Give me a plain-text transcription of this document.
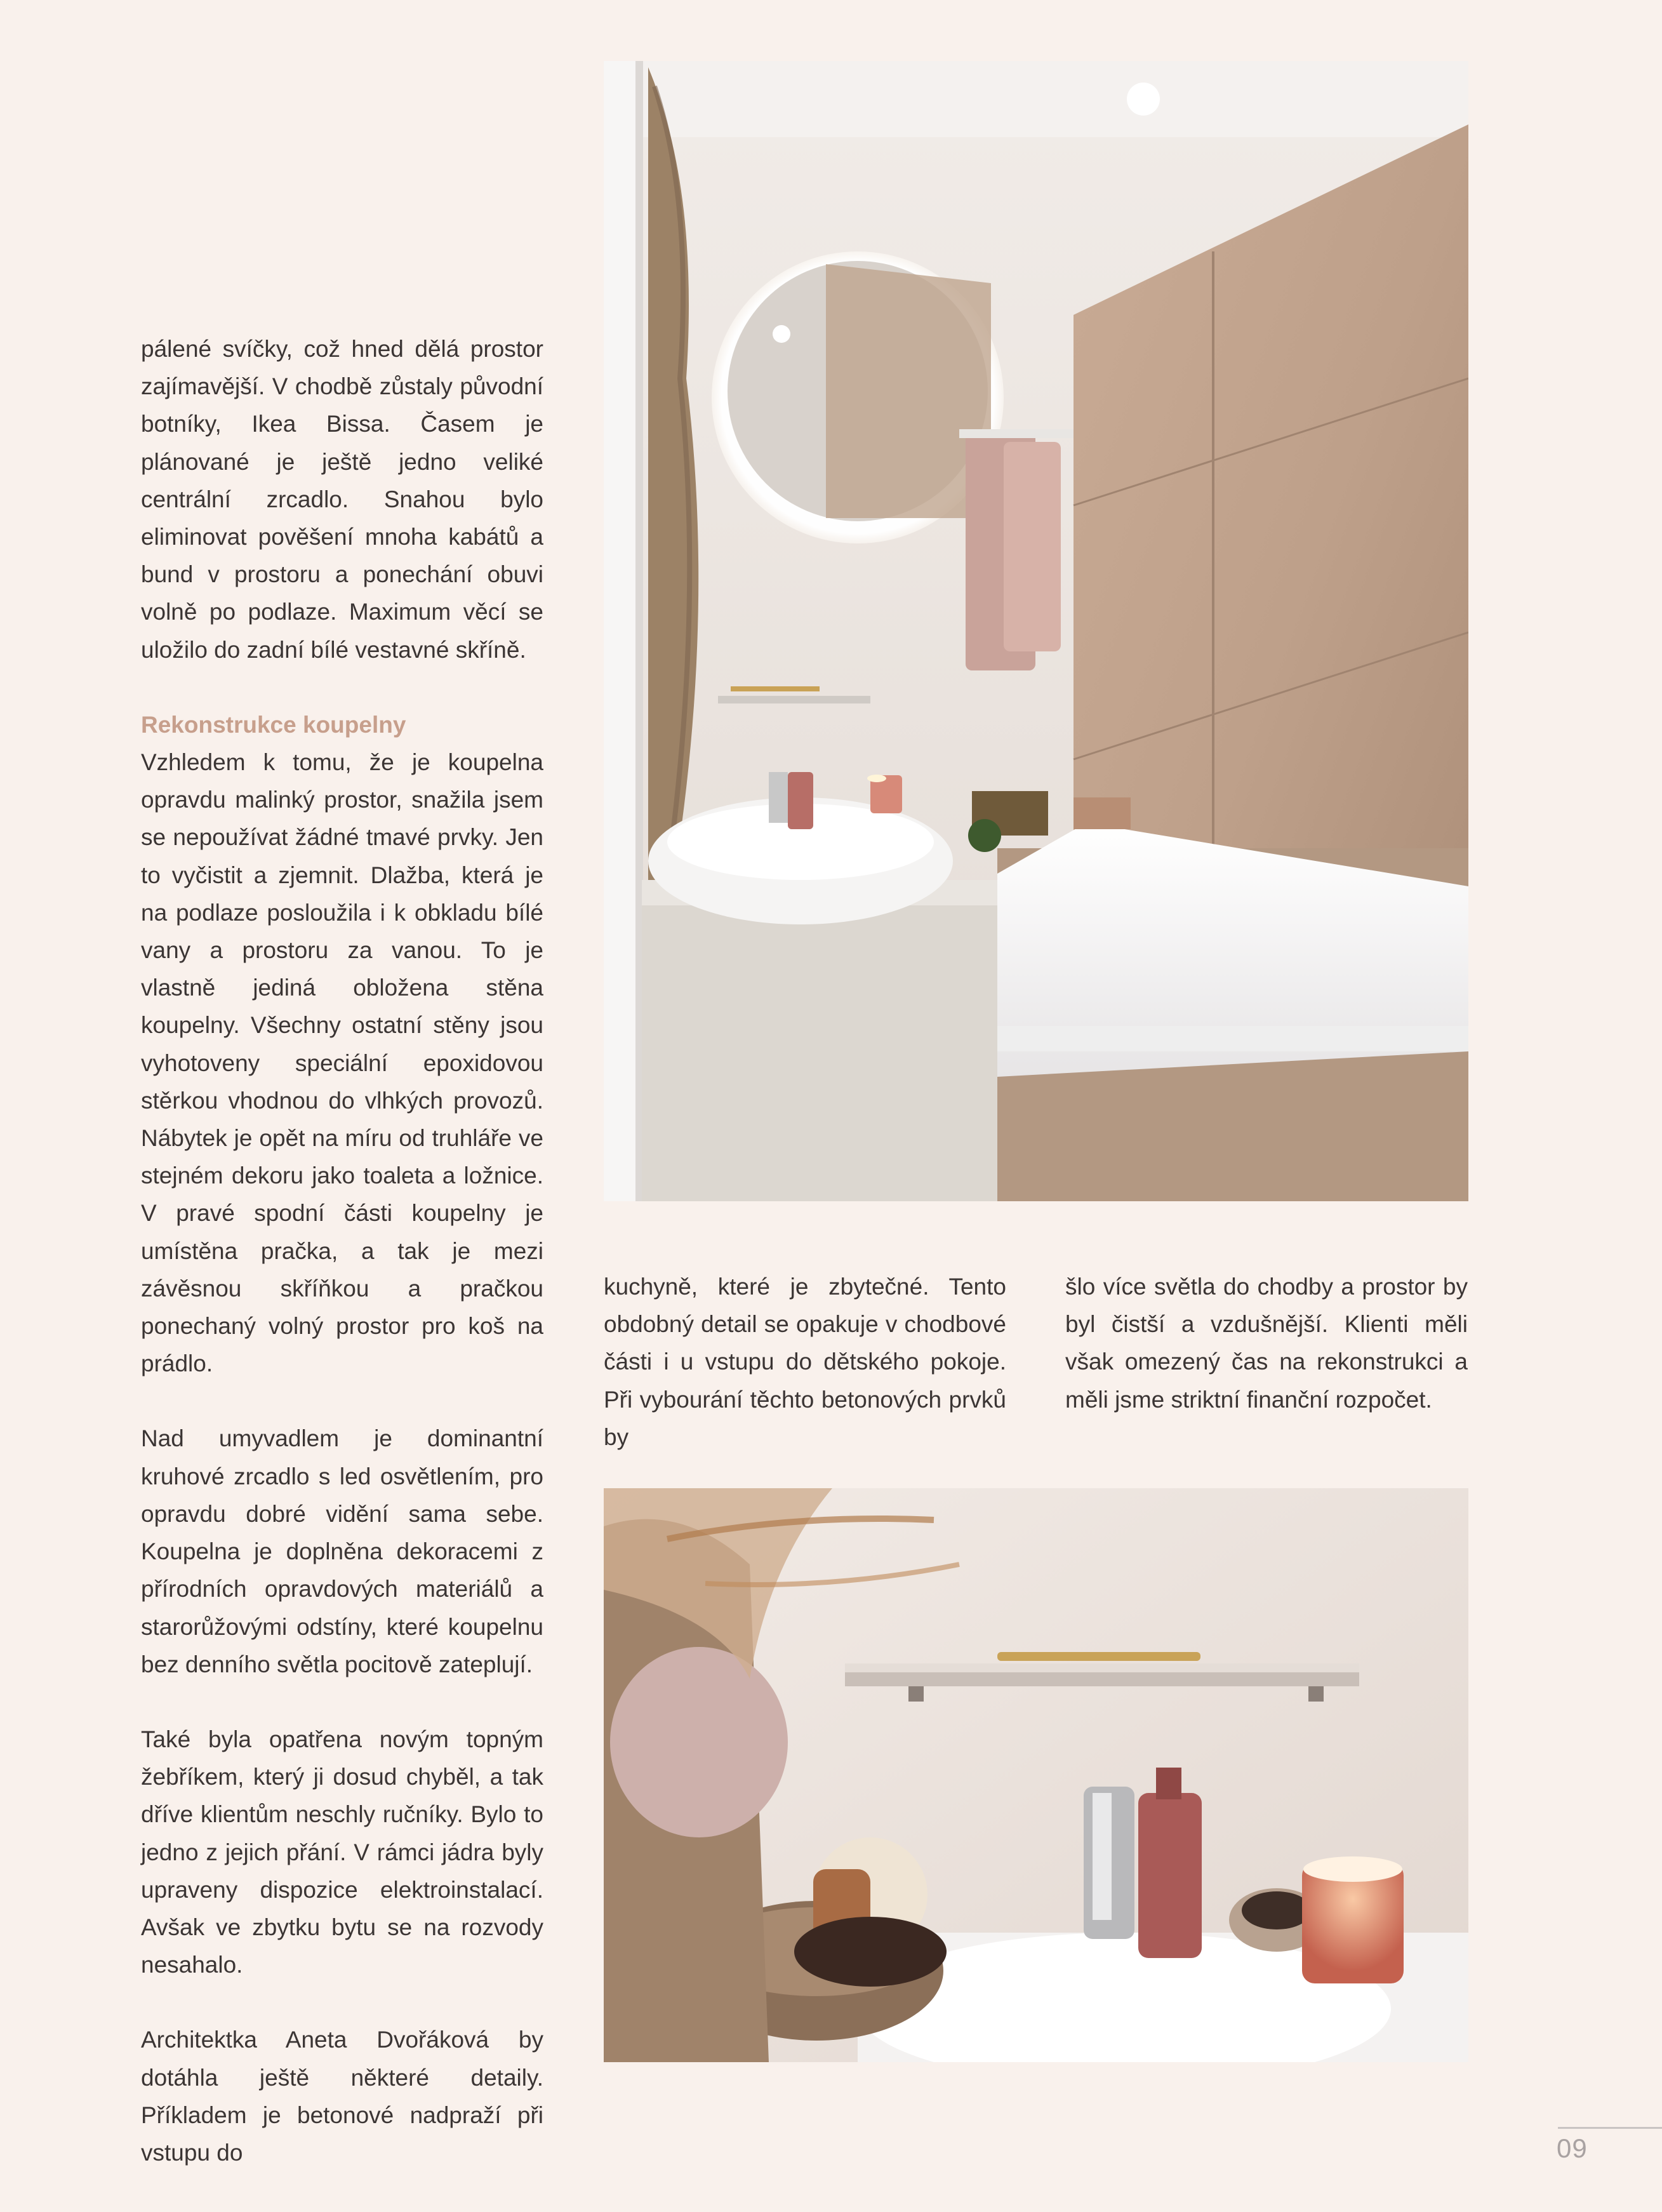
pálené svíčky, což hned dělá prostor zajímavější. V chodbě zůstaly původní botníky, Ikea Bissa. Časem je plánované je ještě jedno veliké centrální zrcadlo. Snahou bylo eliminovat pověšení mnoha kabátů a bund v prostoru a ponechání obuvi volně po podlaze. Maximum věcí se uložilo do zadní bílé vestavné skříně.

Rekonstrukce koupelny
Vzhledem k tomu, že je koupelna opravdu malinký prostor, snažila jsem se nepoužívat žádné tmavé prvky. Jen to vyčistit a zjemnit. Dlažba, která je na podlaze posloužila i k obkladu bílé vany a prostoru za vanou. To je vlastně jediná obložena stěna koupelny. Všechny ostatní stěny jsou vyhotoveny speciální epoxidovou stěrkou vhodnou do vlhkých provozů. Nábytek je opět na míru od truhláře ve stejném dekoru jako toaleta a ložnice. V pravé spodní části koupelny je umístěna pračka, a tak je mezi závěsnou skříňkou a pračkou ponechaný volný prostor pro koš na prádlo.

Nad umyvadlem je dominantní kruhové zrcadlo s led osvětlením, pro opravdu dobré vidění sama sebe. Koupelna je doplněna dekoracemi z přírodních opravdových materiálů a starorůžovými odstíny, které koupelnu bez denního světla pocitově zateplují.

Také byla opatřena novým topným žebříkem, který ji dosud chyběl, a tak dříve klientům neschly ručníky. Bylo to jedno z jejich přání. V rámci jádra byly upraveny dispozice elektroinstalací. Avšak ve zbytku bytu se na rozvody nesahalo.

Architektka Aneta Dvořáková by dotáhla ještě některé detaily. Příkladem je betonové nadpraží při vstupu do

kuchyně, které je zbytečné. Tento obdobný detail se opakuje v chodbové části i u vstupu do dětského pokoje. Při vybourání těchto betonových prvků by

šlo více světla do chodby a prostor by byl čistší a vzdušnější. Klienti měli však omezený čas na rekonstrukci a měli jsme striktní finanční rozpočet.

09
